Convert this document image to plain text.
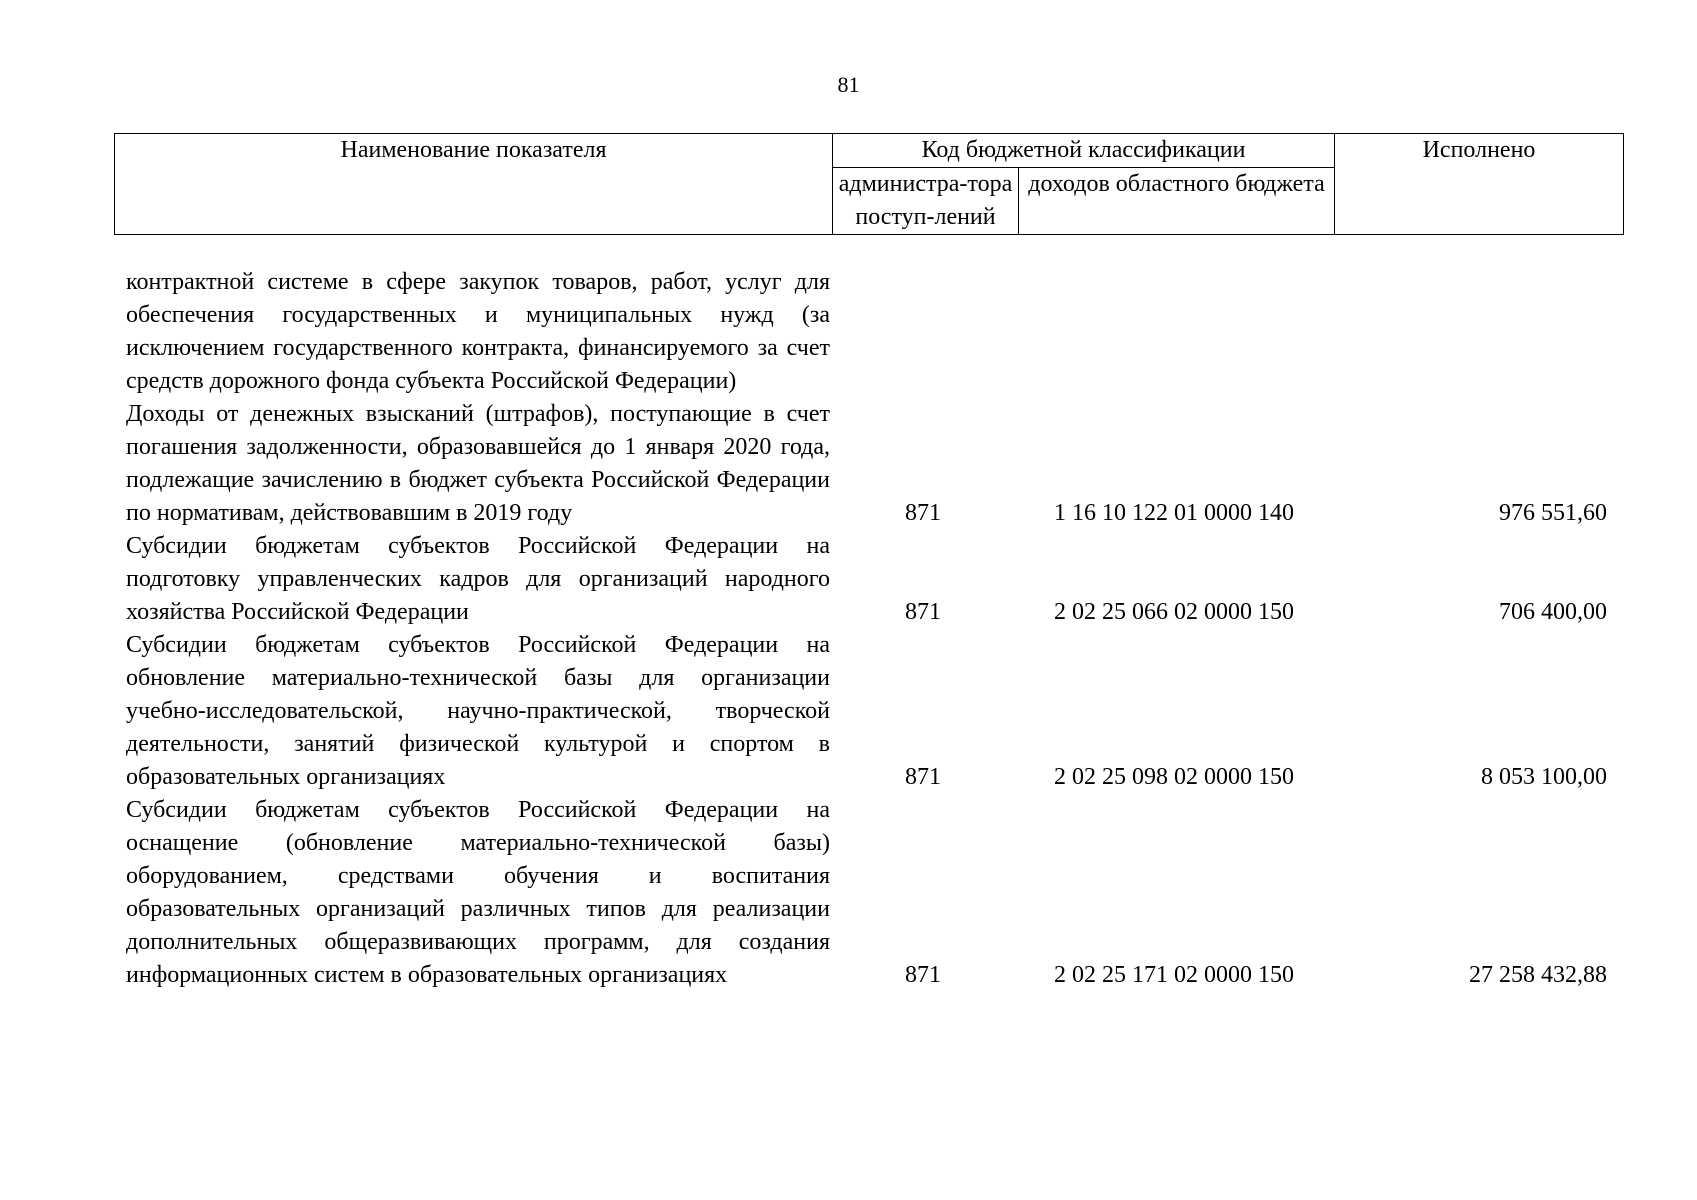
81
Наименование показателя	Код бюджетной классификации		Исполнено
	администра-тора поступ-лений	доходов областного бюджета	
контрактной системе в сфере закупок товаров, работ, услуг для обеспечения государственных и муниципальных нужд (за исключением государственного контракта, финансируемого за счет средств дорожного фонда субъекта Российской Федерации)
Доходы от денежных взысканий (штрафов), поступающие в счет погашения задолженности, образовавшейся до 1 января 2020 года, подлежащие зачислению в бюджет субъекта Российской Федерации по нормативам, действовавшим в 2019 году	871	1 16 10 122 01 0000 140	976 551,60
Субсидии бюджетам субъектов Российской Федерации на подготовку управленческих кадров для организаций народного хозяйства Российской Федерации	871	2 02 25 066 02 0000 150	706 400,00
Субсидии бюджетам субъектов Российской Федерации на обновление материально-технической базы для организации учебно-исследовательской, научно-практической, творческой деятельности, занятий физической культурой и спортом в образовательных организациях	871	2 02 25 098 02 0000 150	8 053 100,00
Субсидии бюджетам субъектов Российской Федерации на оснащение (обновление материально-технической базы) оборудованием, средствами обучения и воспитания образовательных организаций различных типов для реализации дополнительных общеразвивающих программ, для создания информационных систем в образовательных организациях	871	2 02 25 171 02 0000 150	27 258 432,88
